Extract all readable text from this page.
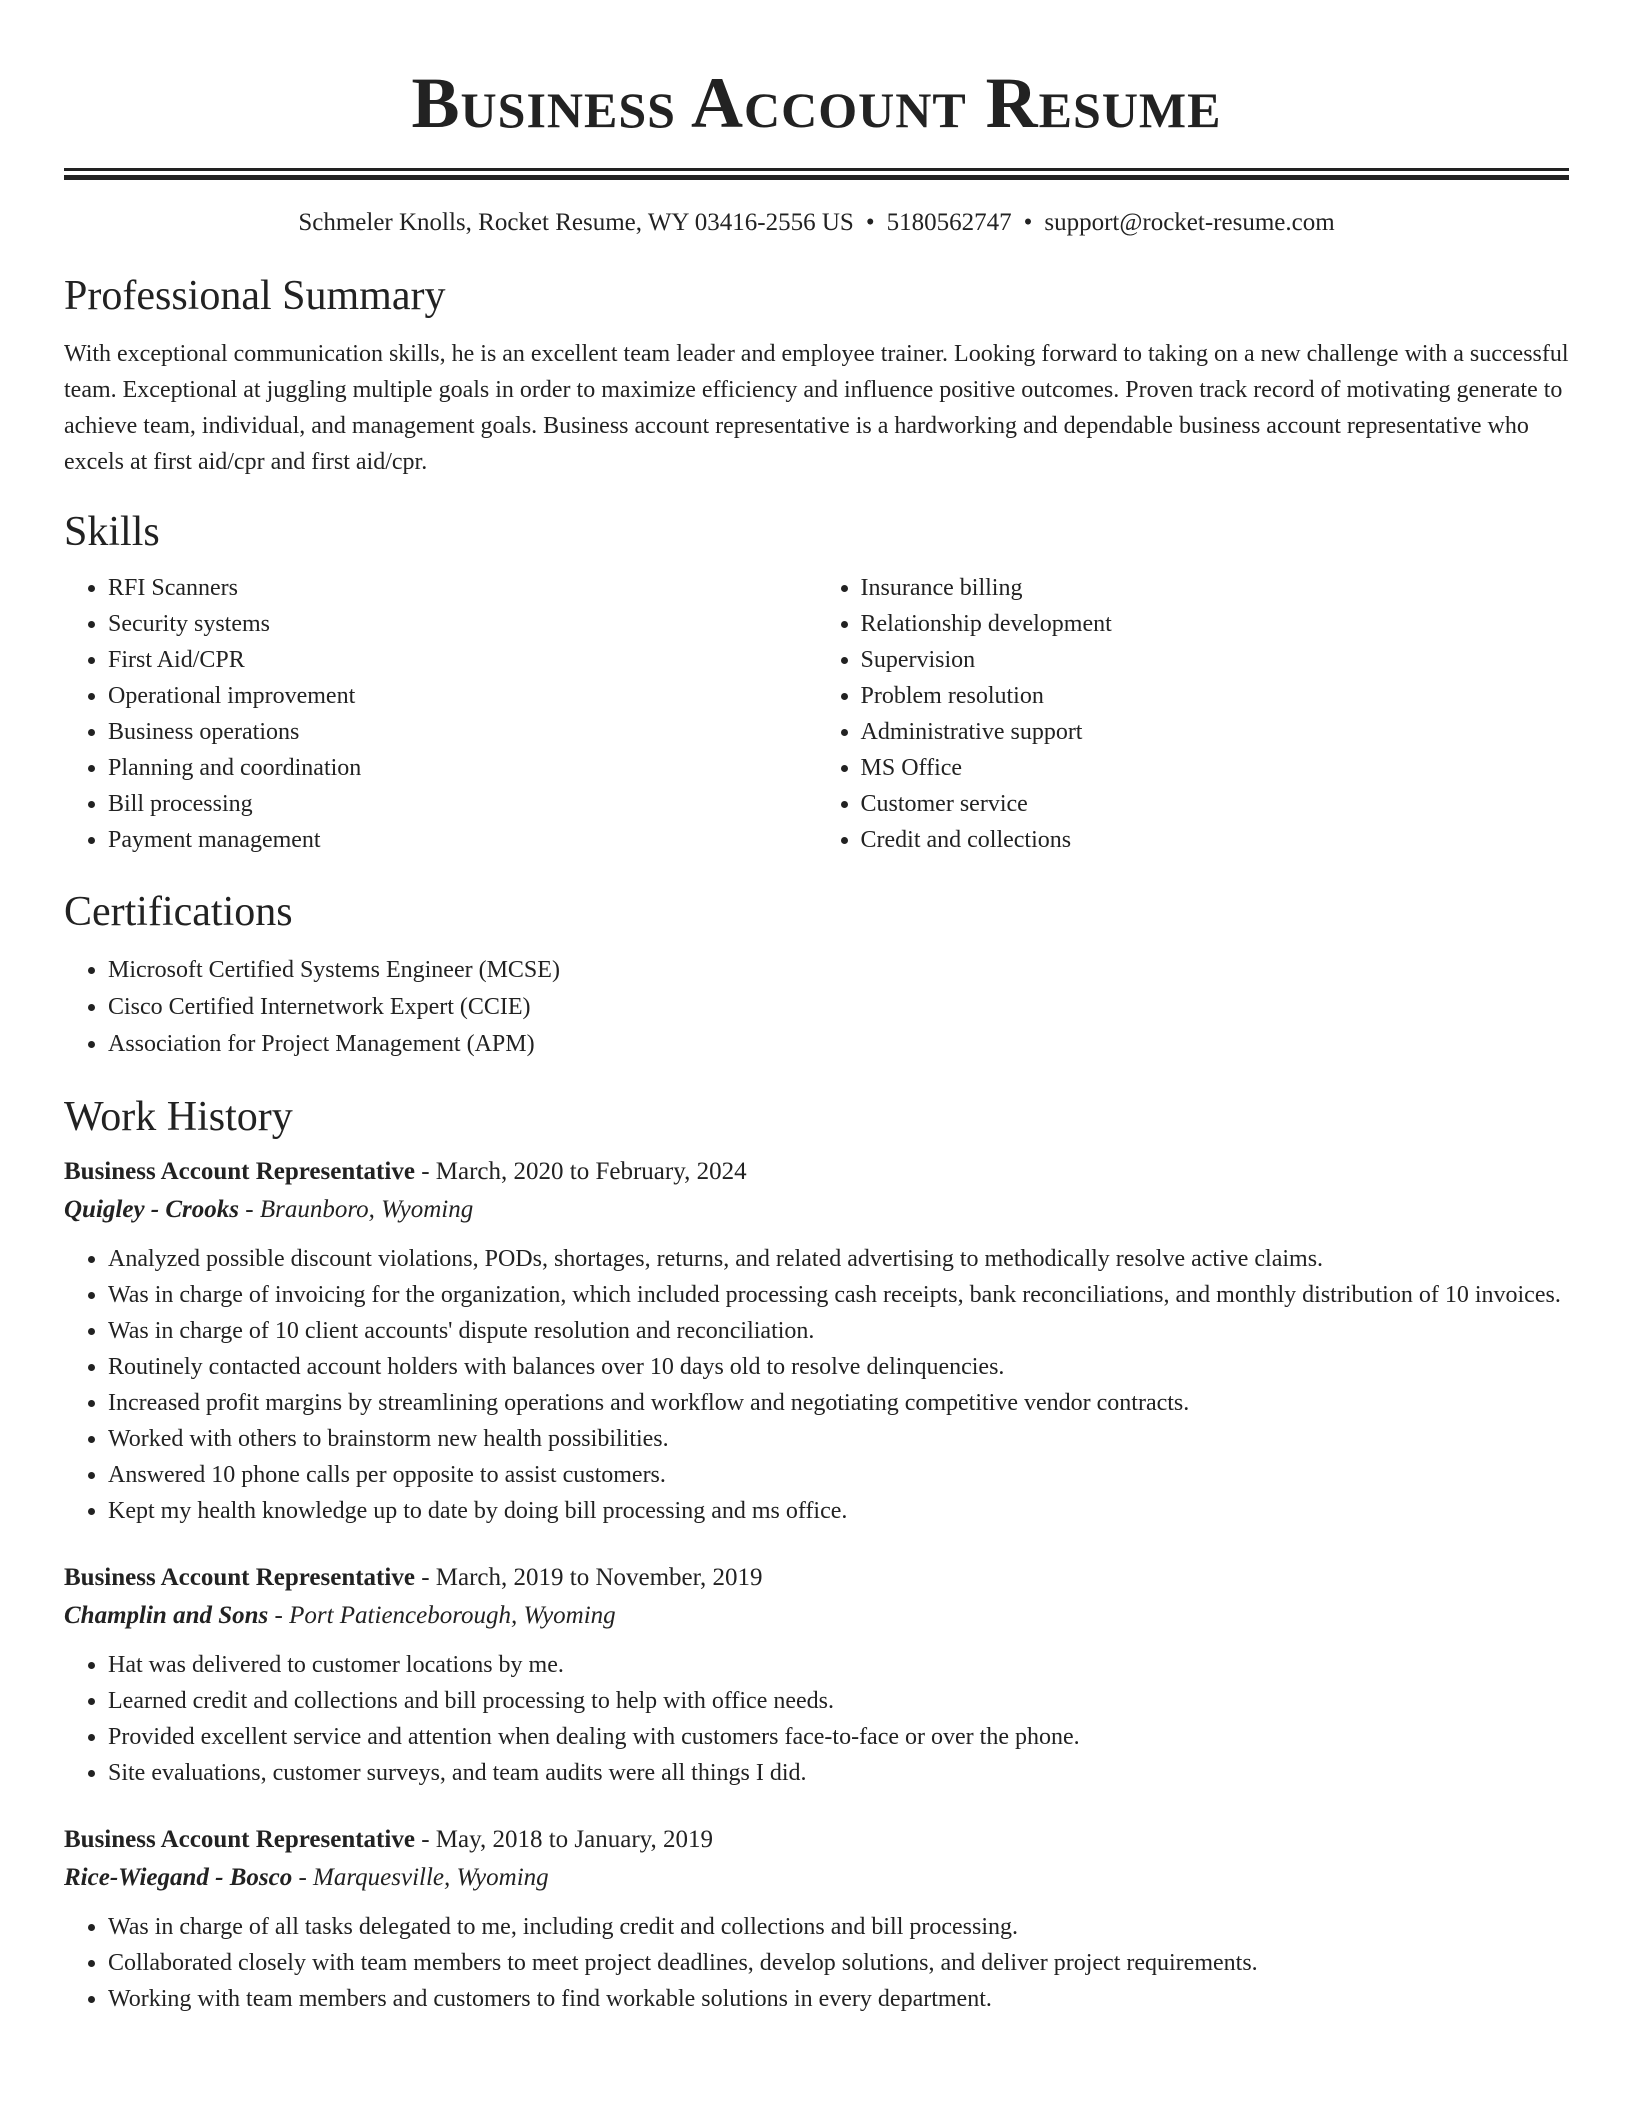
Business Account Resume
Schmeler Knolls, Rocket Resume, WY 03416-2556 US • 5180562747 • support@rocket-resume.com
Professional Summary
With exceptional communication skills, he is an excellent team leader and employee trainer. Looking forward to taking on a new challenge with a successful team. Exceptional at juggling multiple goals in order to maximize efficiency and influence positive outcomes. Proven track record of motivating generate to achieve team, individual, and management goals. Business account representative is a hardworking and dependable business account representative who excels at first aid/cpr and first aid/cpr.
Skills
• RFI Scanners
• Security systems
• First Aid/CPR
• Operational improvement
• Business operations
• Planning and coordination
• Bill processing
• Payment management
• Insurance billing
• Relationship development
• Supervision
• Problem resolution
• Administrative support
• MS Office
• Customer service
• Credit and collections
Certifications
• Microsoft Certified Systems Engineer (MCSE)
• Cisco Certified Internetwork Expert (CCIE)
• Association for Project Management (APM)
Work History
Business Account Representative - March, 2020 to February, 2024
Quigley - Crooks - Braunboro, Wyoming
• Analyzed possible discount violations, PODs, shortages, returns, and related advertising to methodically resolve active claims.
• Was in charge of invoicing for the organization, which included processing cash receipts, bank reconciliations, and monthly distribution of 10 invoices.
• Was in charge of 10 client accounts' dispute resolution and reconciliation.
• Routinely contacted account holders with balances over 10 days old to resolve delinquencies.
• Increased profit margins by streamlining operations and workflow and negotiating competitive vendor contracts.
• Worked with others to brainstorm new health possibilities.
• Answered 10 phone calls per opposite to assist customers.
• Kept my health knowledge up to date by doing bill processing and ms office.
Business Account Representative - March, 2019 to November, 2019
Champlin and Sons - Port Patienceborough, Wyoming
• Hat was delivered to customer locations by me.
• Learned credit and collections and bill processing to help with office needs.
• Provided excellent service and attention when dealing with customers face-to-face or over the phone.
• Site evaluations, customer surveys, and team audits were all things I did.
Business Account Representative - May, 2018 to January, 2019
Rice-Wiegand - Bosco - Marquesville, Wyoming
• Was in charge of all tasks delegated to me, including credit and collections and bill processing.
• Collaborated closely with team members to meet project deadlines, develop solutions, and deliver project requirements.
• Working with team members and customers to find workable solutions in every department.
